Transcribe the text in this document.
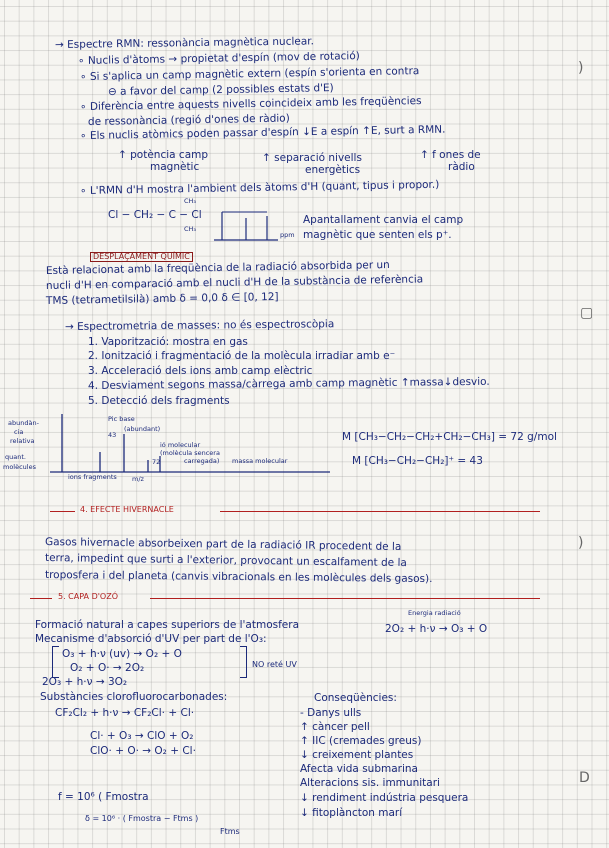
▢
)
D
)
→ Espectre RMN: ressonància magnètica nuclear.
∘ Nuclis d'àtoms → propietat d'espín (mov de rotació)
∘ Si s'aplica un camp magnètic extern (espín s'orienta en contra
⊖ a favor del camp (2 possibles estats d'E)
∘ Diferència entre aquests nivells coincideix amb les freqüències
de ressonància (regió d'ones de ràdio)
∘ Els nuclis atòmics poden passar d'espín ↓E a espín ↑E, surt a RMN.
↑ potència camp
magnètic
↑ separació nivells
energètics
↑ f ones de
ràdio
∘ L'RMN d'H mostra l'ambient dels àtoms d'H (quant, tipus i propor.)
CH₃
Cl − CH₂ − C − Cl
CH₃
ppm
Apantallament canvia el camp
magnètic que senten els p⁺.
DESPLAÇAMENT QUÍMIC
Està relacionat amb la freqüència de la radiació absorbida per un
nucli d'H en comparació amb el nucli d'H de la substància de referència
TMS (tetrametilsilà) amb δ = 0,0 δ ∈ [0, 12]
→ Espectrometria de masses: no és espectroscòpia
1. Vaporització: mostra en gas
2. Ionització i fragmentació de la molècula irradiar amb e⁻
3. Acceleració dels ions amb camp elèctric
4. Desviament segons massa/càrrega amb camp magnètic ↑massa↓desvio.
5. Detecció dels fragments
abundàn-
cia
relativa
quant.
molècules
Pic base
(abundant)
43
ió molecular
(molècula sencera
carregada)
72	massa molecular
ions fragments m/z
M [CH₃−CH₂−CH₂+CH₂−CH₃] = 72 g/mol
M [CH₃−CH₂−CH₂]⁺ = 43
4. EFECTE HIVERNACLE
Gasos hivernacle absorbeixen part de la radiació IR procedent de la
terra, impedint que surti a l'exterior, provocant un escalfament de la
troposfera i del planeta (canvis vibracionals en les molècules dels gasos).
5. CAPA D'OZÓ
Formació natural a capes superiors de l'atmosfera
Energia radiació
2O₂ + h·ν → O₃ + O
Mecanisme d'absorció d'UV per part de l'O₃:
O₃ + h·ν (uv) → O₂ + O
O₂ + O· → 2O₂
2O₃ + h·ν → 3O₂
NO reté UV
Substàncies clorofluorocarbonades:
CF₂Cl₂ + h·ν → CF₂Cl· + Cl·
Cl· + O₃ → ClO + O₂
ClO· + O· → O₂ + Cl·
Conseqüències:
- Danys ulls
↑ càncer pell
↑ IIC (cremades greus)
↓ creixement plantes
Afecta vida submarina
Alteracions sis. immunitari
↓ rendiment indústria pesquera
↓ fitoplàncton marí
f = 10⁶ ( Fmostra
δ = 10⁶ · ( Fmostra − Ftms )
Ftms
